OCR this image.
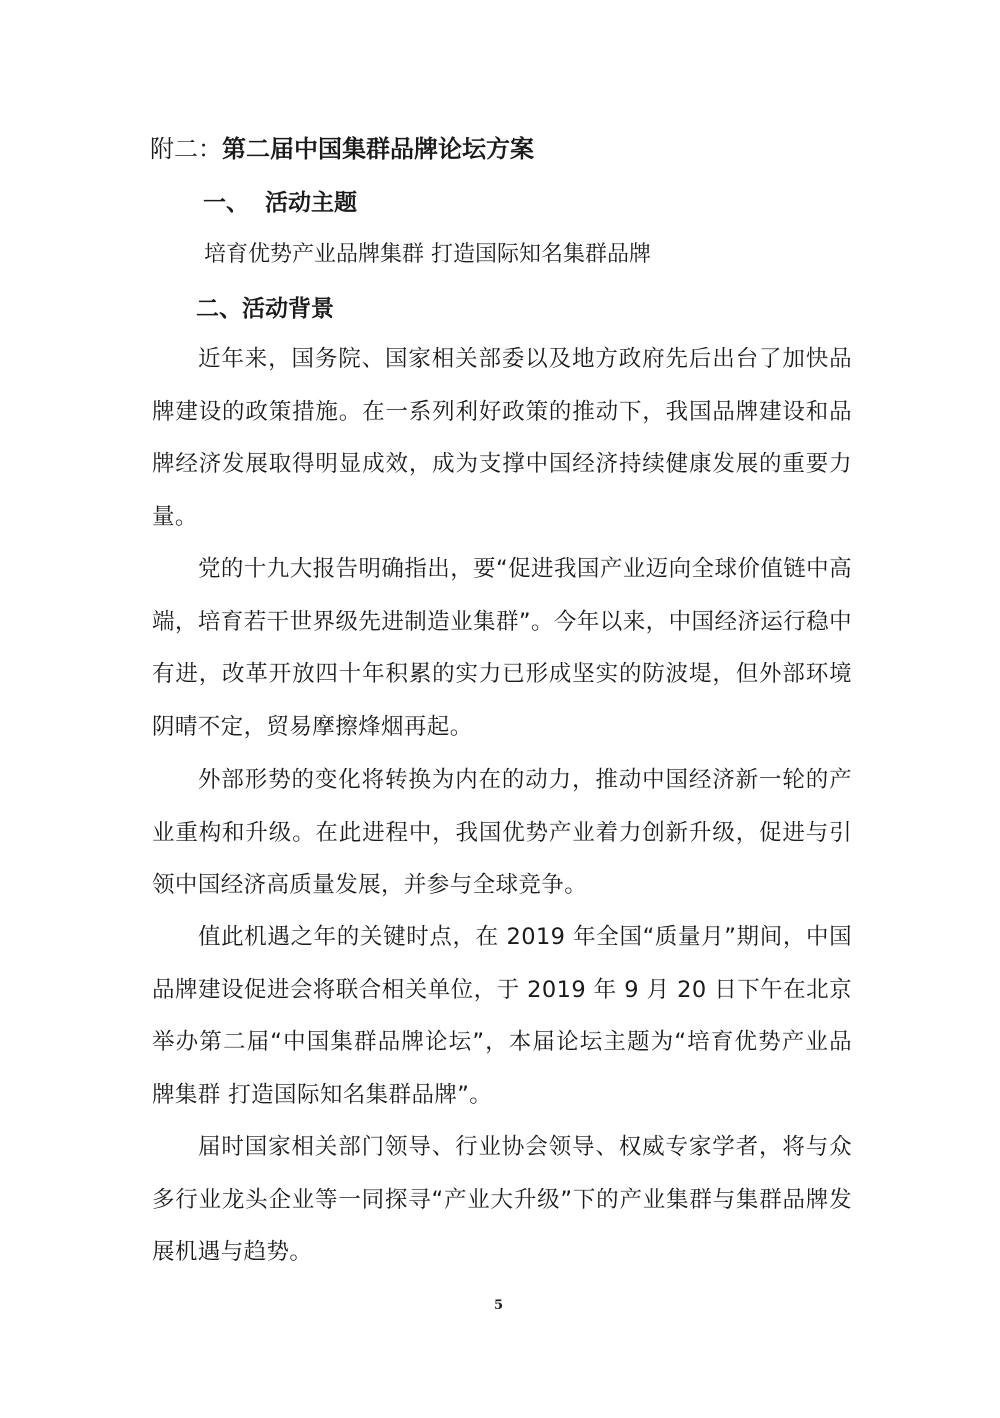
附二：第二届中国集群品牌论坛方案
一、 活动主题
培育优势产业品牌集群 打造国际知名集群品牌
二、活动背景

近年来，国务院、国家相关部委以及地方政府先后出台了加快品牌建设的政策措施。在一系列利好政策的推动下，我国品牌建设和品牌经济发展取得明显成效，成为支撑中国经济持续健康发展的重要力量。

党的十九大报告明确指出，要“促进我国产业迈向全球价值链中高端，培育若干世界级先进制造业集群”。今年以来，中国经济运行稳中有进，改革开放四十年积累的实力已形成坚实的防波堤，但外部环境阴晴不定，贸易摩擦烽烟再起。

外部形势的变化将转换为内在的动力，推动中国经济新一轮的产业重构和升级。在此进程中，我国优势产业着力创新升级，促进与引领中国经济高质量发展，并参与全球竞争。

值此机遇之年的关键时点，在 2019 年全国“质量月”期间，中国品牌建设促进会将联合相关单位，于 2019 年 9 月 20 日下午在北京举办第二届“中国集群品牌论坛”，本届论坛主题为“培育优势产业品牌集群 打造国际知名集群品牌”。

届时国家相关部门领导、行业协会领导、权威专家学者，将与众多行业龙头企业等一同探寻“产业大升级”下的产业集群与集群品牌发展机遇与趋势。

5
